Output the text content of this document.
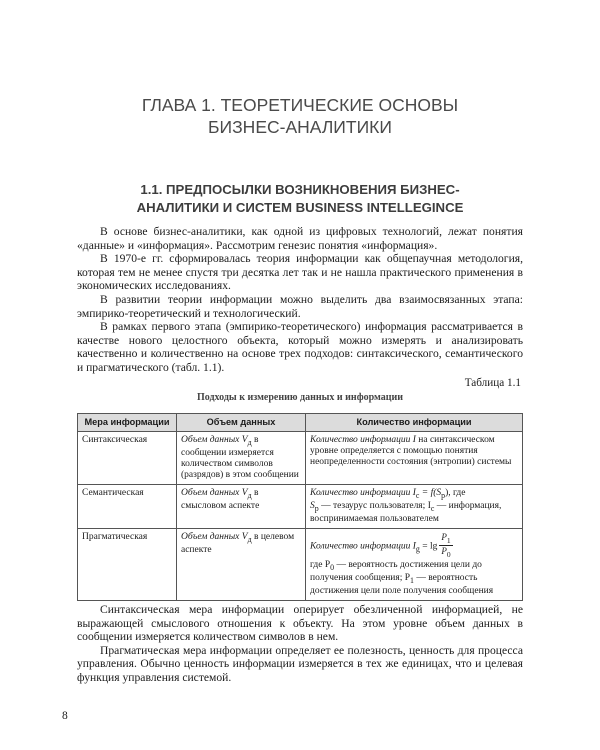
ГЛАВА 1. ТЕОРЕТИЧЕСКИЕ ОСНОВЫ
БИЗНЕС-АНАЛИТИКИ
1.1. ПРЕДПОСЫЛКИ ВОЗНИКНОВЕНИЯ БИЗНЕС-
АНАЛИТИКИ И СИСТЕМ BUSINESS INTELLEGINCE

В основе бизнес-аналитики, как одной из цифровых технологий, лежат понятия «данные» и «информация». Рассмотрим генезис понятия «информация».

В 1970-е гг. сформировалась теория информации как общепаучная методология, которая тем не менее спустя три десятка лет так и не нашла практического применения в экономических исследованиях.

В развитии теории информации можно выделить два взаимосвязанных этапа: эмпирико-теоретический и технологический.

В рамках первого этапа (эмпирико-теоретического) информация рассматривается в качестве нового целостного объекта, который можно измерять и анализировать качественно и количественно на основе трех подходов: синтаксического, семантического и прагматического (табл. 1.1).

Таблица 1.1

Подходы к измерению данных и информации

Мера информации	Объем данных	Количество информации
Синтаксическая	Объем данных $V_д$ в сообщении измеряется количеством символов (разрядов) в этом сообщении	Количество информации I на синтаксическом уровне определяется с помощью понятия неопределенности состояния (энтропии) системы
Семантическая	Объем данных $V_д$ в смысловом аспекте	Количество информации $I_c = f(S_p)$, где
$S_p$ — тезаурус пользователя; $I_c$ — информация, воспринимаемая пользователем
Прагматическая	Объем данных $V_д$ в целевом аспекте	Количество информации $I_g = \lg \frac{P_1}{P_0}$

где $P_0$ — вероятность достижения цели до получения сообщения; $P_1$ — вероятность достижения цели поле получения сообщения

Синтаксическая мера информации оперирует обезличенной информацией, не выражающей смыслового отношения к объекту. На этом уровне объем данных в сообщении измеряется количеством символов в нем.

Прагматическая мера информации определяет ее полезность, ценность для процесса управления. Обычно ценность информации измеряется в тех же единицах, что и целевая функция управления системой.

8
